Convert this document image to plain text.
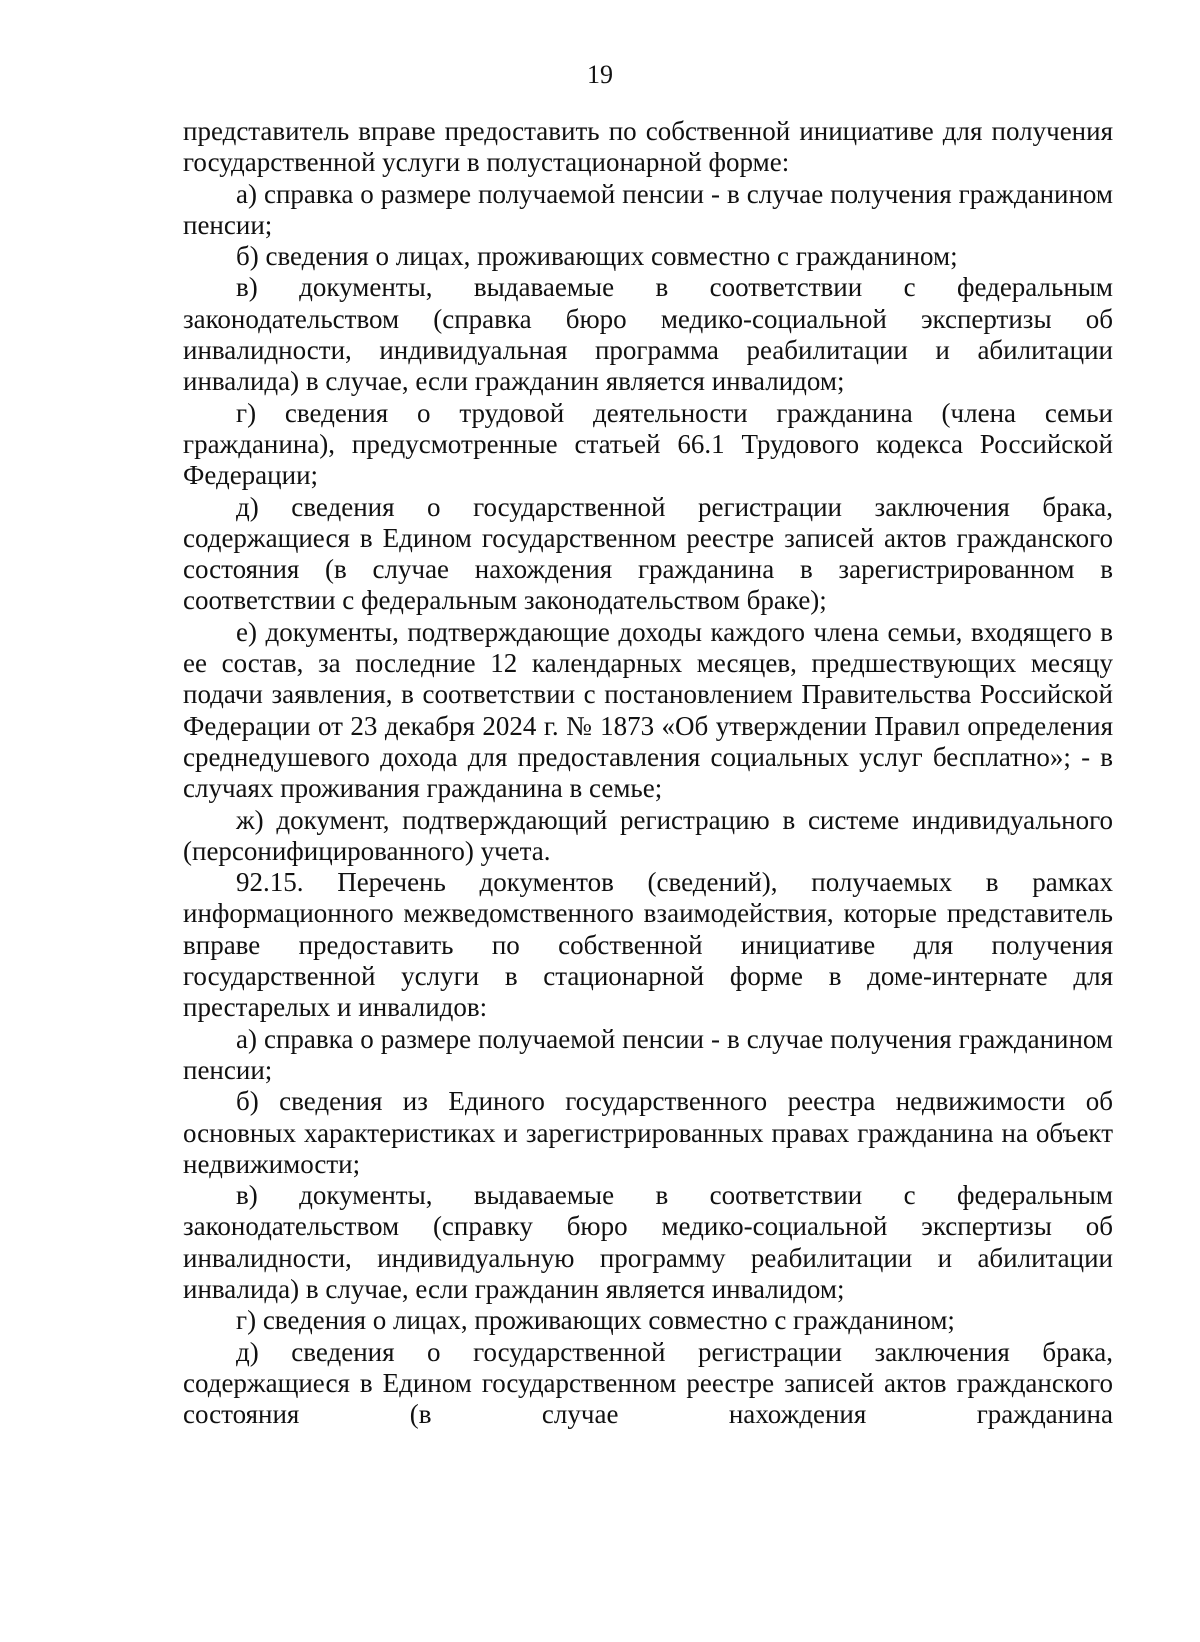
19

представитель вправе предоставить по собственной инициативе для получения государственной услуги в полустационарной форме:

а) справка о размере получаемой пенсии - в случае получения гражданином пенсии;

б) сведения о лицах, проживающих совместно с гражданином;

в) документы, выдаваемые в соответствии с федеральным законодательством (справка бюро медико-социальной экспертизы об инвалидности, индивидуальная программа реабилитации и абилитации инвалида) в случае, если гражданин является инвалидом;

г) сведения о трудовой деятельности гражданина (члена семьи гражданина), предусмотренные статьей 66.1 Трудового кодекса Российской Федерации;

д) сведения о государственной регистрации заключения брака, содержащиеся в Едином государственном реестре записей актов гражданского состояния (в случае нахождения гражданина в зарегистрированном в соответствии с федеральным законодательством браке);

е) документы, подтверждающие доходы каждого члена семьи, входящего в ее состав, за последние 12 календарных месяцев, предшествующих месяцу подачи заявления, в соответствии с постановлением Правительства Российской Федерации от 23 декабря 2024 г. № 1873 «Об утверждении Правил определения среднедушевого дохода для предоставления социальных услуг бесплатно»; - в случаях проживания гражданина в семье;

ж) документ, подтверждающий регистрацию в системе индивидуального (персонифицированного) учета.

92.15. Перечень документов (сведений), получаемых в рамках информационного межведомственного взаимодействия, которые представитель вправе предоставить по собственной инициативе для получения государственной услуги в стационарной форме в доме-интернате для престарелых и инвалидов:

а) справка о размере получаемой пенсии - в случае получения гражданином пенсии;

б) сведения из Единого государственного реестра недвижимости об основных характеристиках и зарегистрированных правах гражданина на объект недвижимости;

в) документы, выдаваемые в соответствии с федеральным законодательством (справку бюро медико-социальной экспертизы об инвалидности, индивидуальную программу реабилитации и абилитации инвалида) в случае, если гражданин является инвалидом;

г) сведения о лицах, проживающих совместно с гражданином;

д) сведения о государственной регистрации заключения брака, содержащиеся в Едином государственном реестре записей актов гражданского состояния (в случае нахождения гражданина
